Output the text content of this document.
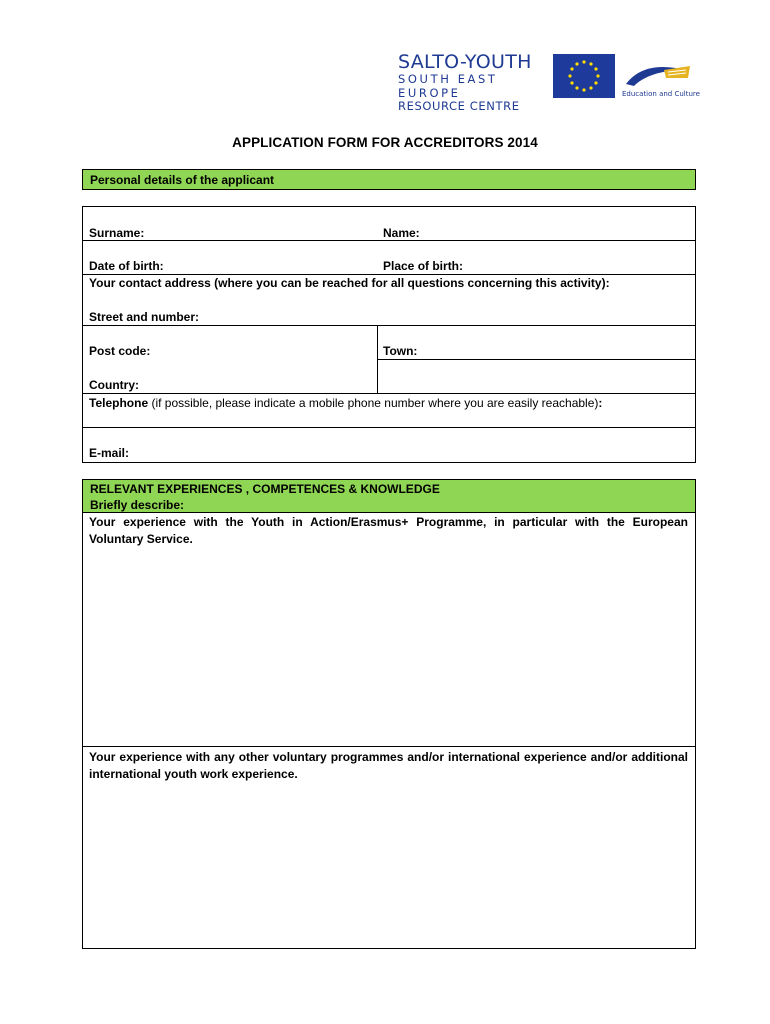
SALTO-YOUTH
SOUTH EAST EUROPE
RESOURCE CENTRE
Education and Culture
APPLICATION FORM FOR ACCREDITORS 2014
Personal details of the applicant
Surname:	Name:
Date of birth:	Place of birth:
Your contact address (where you can be reached for all questions concerning this activity):
Street and number:
Post code:	Town:
Country:
Telephone (if possible, please indicate a mobile phone number where you are easily reachable):
E-mail:
RELEVANT EXPERIENCES , COMPETENCES & KNOWLEDGE
Briefly describe:
Your experience with the Youth in Action/Erasmus+ Programme, in particular with the European Voluntary Service.
Your experience with any other voluntary programmes and/or international experience and/or additional international youth work experience.
